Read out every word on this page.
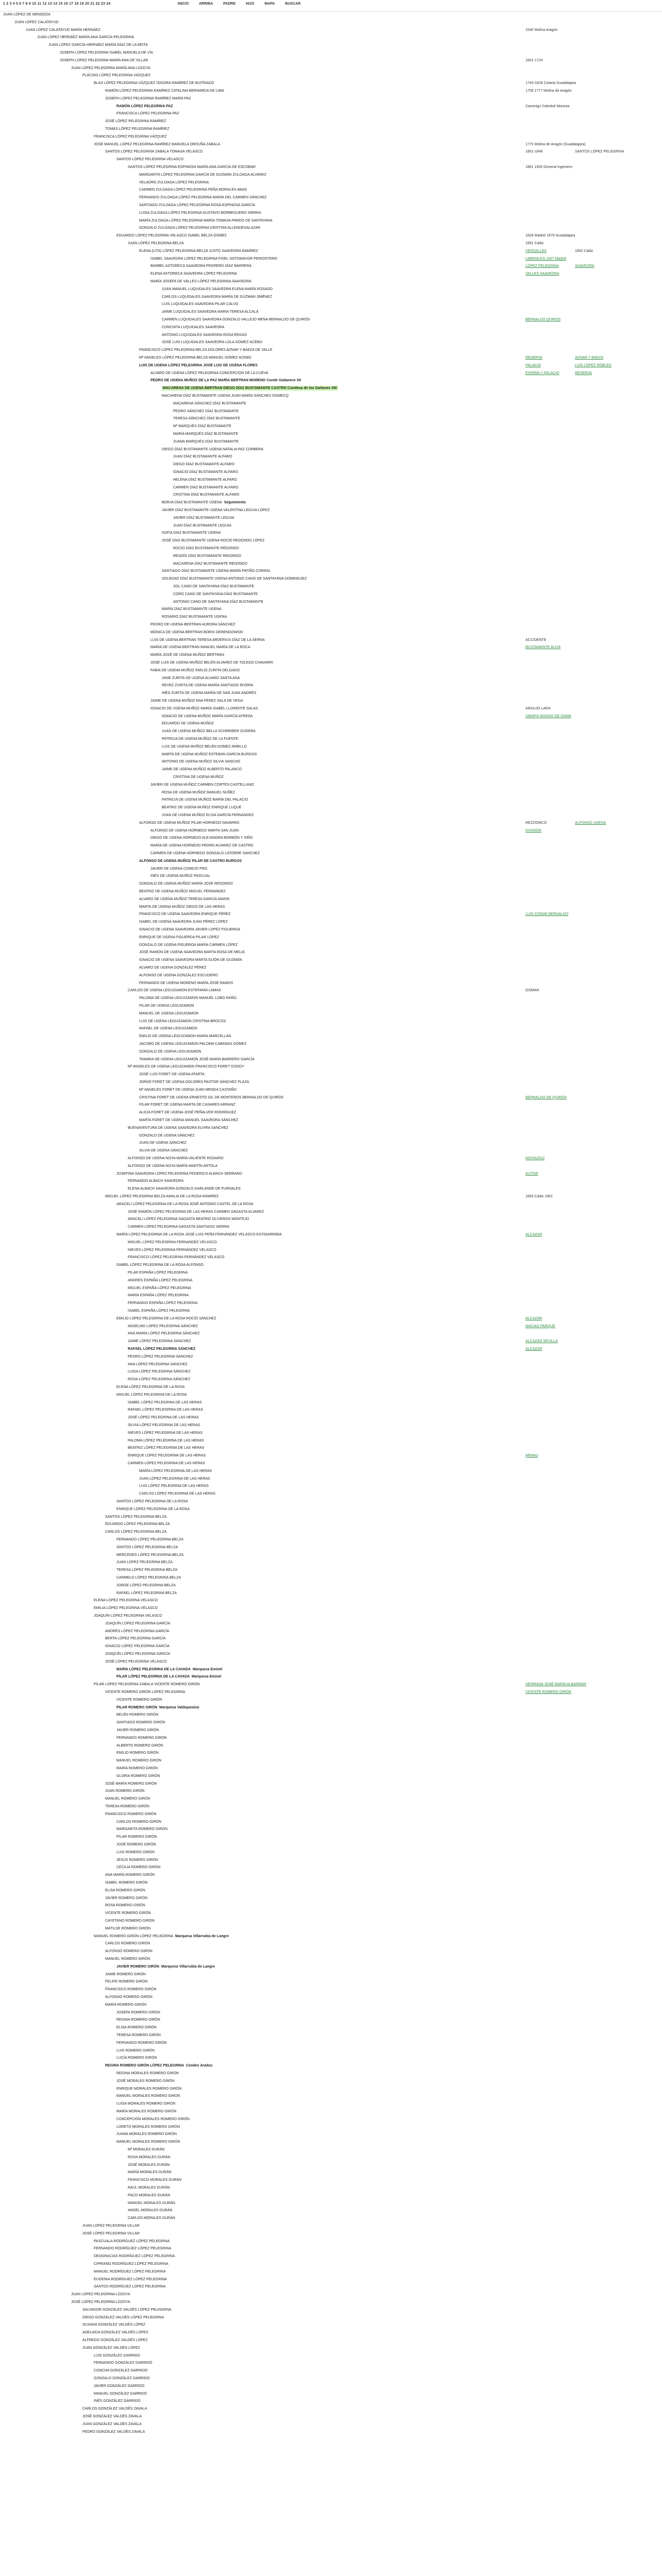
1 2 3 4 5 6 7 8 9 10 11 12 13 14 15 16 17 18 19 20 21 22 23 24	INICIO	ARRIBA	PADRE	HIJO	MAPA	BUSCAR
JUAN LÓPEZ DE MENDOZA
JUAN LÓPEZ CALATAYUD
JUAN LÓPEZ CALATAYUD MARÍA HERNÁEZ	1540 Molina Aragón
JUAN LÓPEZ HERNÁEZ MARÍA ANA GARCÍA PELEGRINA
JUAN LÓPEZ GARCÍA-HERNÁEZ MARÍA DÍAZ DE LA MOTA
JOSEPH LÓPEZ PELEGRINA ISABEL MANUELA DE VÍA
JOSEPH LÓPEZ PELEGRINA MARÍA ANA DE VILLAR	1601-1724
JUAN LÓPEZ PELEGRINA MARÍA ANA LOZOYA
PLÁCIDO LÓPEZ PELEGRINA VÁZQUEZ
BLAS LÓPEZ PELEGRINA VÁZQUEZ ISIDORA RAMÍREZ DE BUITRAGO	1744-1828 Cetaria Guadalajara
RAMÓN LÓPEZ PELEGRINA RAMÍREZ CATALINA BERNARDA DE LIMA	1709 1777 Molina de Aragón
JOSEPH LÓPEZ PELEGRINA RAMÍREZ MARÍA PAZ
RAMÓN LÓPEZ PELEGRINA PAZ	Canonigo Catedral Moravia
FRANCISCA LÓPEZ PELEGRINA PAZ
JOSÉ LÓPEZ PELEGRINA RAMÍREZ
TOMÁS LÓPEZ PELEGRINA RAMÍREZ
FRANCISCA LÓPEZ PELEGRINA VÁZQUEZ
JOSÉ MANUEL LÓPEZ PELEGRINA RAMÍREZ MANUELA ORDUÑA ZABALA	1770 Molina de Aragón (Guadalajara)
SANTOS LÓPEZ PELEGRINA ZABALA TOMASA VELASCO	1801-1846	SANTOS LÓPEZ PELEGRINA
SANTOS LÓPEZ PELEGRINA VELASCO
SANTOS LÓPEZ PELEGRINA ESPINOSA MARÍA ANA GARCÍA DE ESCOBAR	1861 1935 General Ingeniero
MARGARITA LÓPEZ PELEGRINA GARCÍA DE GUZMÁN ZULOAGA ALVAREZ
VELADRO ZULOAGA LÓPEZ PELEGRINA
CARMEN ZULOAGA LÓPEZ PELEGRINA PEÑA MORALES ABAD
FERNANDO ZULOAGA LÓPEZ PELEGRINA MARÍA DEL CARMEN SÁNCHEZ
SANTIAGO ZULOAGA LÓPEZ PELEGRINA ROSA ESPINOSA GARCÍA
LUISA ZULOAGA LÓPEZ PELEGRINA GUSTAVO BORBEGUERO SIERRA
MARÍA ZULOAGA LÓPEZ PELEGRINA MARÍA TOMASA PARDO DE SANTAYANA
GONZALO ZULOAGA LÓPEZ PELEGRINA CRISTINA ALLENDESALAZAR
EDUARDO LÓPEZ PELEGRINA VELASCO ISABEL BELZA GÓMEZ	1828 Madrid 1879 Guadalajara
JUAN LÓPEZ PELEGRINA BELZA	1891 Cádiz
ELENA (LITA) LÓPEZ PELEGRINA BELZA JUSTO SAAVEDRA RAMÍREZ	VERSALLES	1902 Cádiz
ISABEL SAAVEDRA LÓPEZ PELEGRINA FIDEL SOTOMAYOR PERIOSTERO	LIBERALES 1927 Madrid
BARBEL ASTORECA SAAVEDRA PEDRERO DÍAZ BARRERA	LÓPEZ PELEGRINA	SAAVEDRA
ELENA ASTORECA SAAVEDRA LÓPEZ PELEGRINA	VALLES SAAVEDRA
MARÍA JOSEFA DE VALLES LÓPEZ PELEGRINA SAAVEDRA
JUAN MANUEL LUQUIDALES SAAVEDRA ELENA MARÍA ROSADO
CARLOS LUQUIDALES SAAVEDRA MARÍA DE GÚZMAN JIMÉNEZ
LUIS LUQUIDALES SAAVEDRA PILAR CALVO
JAIME LUQUIDALES SAAVEDRA MARÍA TERESA ALCALÁ
CARMEN LUQUIDALES SAAVEDRA GONZALO VALLEJO MENA BERNALDO DE QUIRÓS	BERNALDO QUIRÓS
CONCHITA LUQUIDALES SAAVEDRA
ANTONIO LUQUIDALES SAAVEDRA ROSA REGAS
JOSÉ LUIS LUQUIDALES SAAVEDRA LOLA GÓMEZ-ACEBO
FRANCISCO LÓPEZ PELEGRINA BELZA DOLORES AZNAR Y BAEZA DE VALLE
Mª ANGELES LÓPEZ PELEGRINA BELZA MANUEL GÓMEZ ACEBO	RESERVA	AZNAR Y BAEZA
LUIS DE UGENA LÓPEZ PELEGRINA JOSÉ LUIS DE UGENA FLORES	PALACIO	LUIS LÓPEZ ROBLES
ALVARO DE UGENA LÓPEZ PELEGRINA CONCEPCIÓN DE LA CUEVA	ESPAÑA Y PALACIO	RESERVA
PEDRO DE UGENA MUÑOZ DE LA PAZ MARÍA BERTRAN MORENO Conde Gaitanero XII
MACARENA DE UGENA BERTRAN DIEGO DÍAZ BUSTAMANTE CASTRO Condesa de los Gaitanes XIII
MACARENA DÍAZ BUSTAMANTE UGENA JUAN MARÍA SÁNCHEZ-DOMECQ
MACARENA SÁNCHEZ DÍAZ BUSTAMANTE
PEDRO SÁNCHEZ DÍAZ BUSTAMANTE
TERESA SÁNCHEZ DÍAZ BUSTAMANTE
Mª MARQUÉS DÍAZ BUSTAMANTE
MARÍA MARQUÉS DÍAZ BUSTAMANTE
JUANA MARQUÉS DÍAZ BUSTAMANTE
DIEGO DÍAZ BUSTAMANTE UGENA NATALIA PAZ CORBERA
JUAN DÍAZ BUSTAMANTE ALFARO
DIEGO DÍAZ BUSTAMANTE ALFARO
IGNACIO DÍAZ BUSTAMANTE ALFARO
HELENA DÍAZ BUSTAMANTE ALFARO
CARMEN DÍAZ BUSTAMANTE ALFARO
CRISTINA DÍAZ BUSTAMANTE ALFARO
BORJA DÍAZ BUSTAMANTE UGENA Seguimiento
JAVIER DÍAZ BUSTAMANTE UGENA VALENTINA LEGUIA LÓPEZ
JAVIER DÍAZ BUSTAMANTE LEGUIA
JUAN DÍAZ BUSTAMANTE LEGUIA
SOFIA DÍAZ BUSTAMANTE UGENA
JOSÉ DÍAZ BUSTAMANTE UGENA ROCÍO REDONDO LÓPEZ
ROCÍO DÍAZ BUSTAMANTE REDONDO
REGOÍS DÍAZ BUSTAMANTE REDONDO
MACARENA DÍAZ BUSTAMANTE REDONDO
SANTIAGO DÍAZ BUSTAMANTE UGENA MARÍA PATIÑO CORRAL
SOLEDAD DÍAZ BUSTAMANTE UGENA ANTONIO CANO DE SANTAYANA DOMINGUEZ
SOL CANO DE SANTAYANA DÍAZ BUSTAMANTE
CORO CANO DE SANTAYANA DÍAZ BUSTAMANTE
ANTONIO CANO DE SANTAYANA DÍAZ BUSTAMANTE
MARÍA DÍAZ BUSTAMANTE UGENA
ROSARIO DÍAZ BUSTAMANTE UGENA
PEDRO DE UGENA BERTRAN AURORA SÁNCHEZ
MÓNICA DE UGENA BERTRAN BORIS DERENGOWSKI
LUIS DE UGENA BERTRAN TERESA ARDERIUS DÍAZ DE LA SERNA	ACCIDENTE
MARÍA DE UGENA BERTRAN MANUEL MARÍA DE LA ROCA	BUSTAMANTE ALVIA
MARÍA JOSÉ DE UGENA MUÑOZ BERTRAN
JOSÉ LUIS DE UGENA MUÑOZ BELÉN ALVAREZ DE TOLEDO CHAVARRI
FABIA DE UGENA MUÑOZ EMILIO ZURITA DELGADO
JANE ZURITA DE UGENA ALVARO SANTA ANA
REVEZ ZURITA DE UGENA MARÍA SANTIAGO RIVERA
INÉS ZURITA DE UGENA MARÍA DE SAN JUAN ANDRÉS
JAIME DE UGENA MUÑOZ ANA PEREZ SALA DE VEGA
IGNACIO DE UGENA MUÑOZ MARÍA ISABEL LLORENTE SALAS	ARAUJO LARA
IGNACIO DE UGENA MUÑOZ MARÍA GARCÍA ATRESA	OBISPO BURGO DE OSMA
EDUARDO DE UGENA MUÑOZ
JUAN DE UGENA MUÑOZ BELLA SCHREIBER GUERRA
PATRICIA DE UGENA MUÑOZ DE LA FUENTE
LUIS DE UGENA MUÑOZ BELÉN GOMEZ ARBILLO
MARTA DE UGENA MUÑOZ ESTEBAN GARCÍA BURGOS
ANTONIO DE UGENA MUÑOZ SILVIA SANCHO
JAIME DE UGENA MUÑOZ ALBERTO PALANCO
CRISTINA DE UGENA MUÑOZ
JAVIER DE UGENA MUÑOZ CARMEN CORTÉS CASTELLANO
ROSA DE UGENA MUÑOZ MANUEL NUÑEZ
PATRICIA DE UGENA MUÑOZ MARÍA DEL PALACIO
BEATRIZ DE UGENA MUÑOZ ENRIQUE LUQUE
JUAN DE UGENA MUÑOZ ELISA GARCÍA FERNANDEZ
ALFONSO DE UGENA MUÑOZ PILAR HORNEDO NAVARRO	REZZONICO	ALFONSO UGENA
ALFONSO DE UGENA HORNEDO MARTA SAN JUAN	DIVISIÓN
DIEGO DE UGENA HORNEDO ALEJANDRA BORBÓN Y SIÑO
MARÍA DE UGENA HORNEDO PEDRO ALVAREZ DE CASTRO
CARMEN DE UGENA HORNEDO GONZALO LATORRE SANCHEZ
ALFONSO DE UGENA MUÑOZ PILAR DE CASTRO BURGOS
JAVIER DE UGENA CONEJO PRO
INÉS DE UGENA MUÑOZ PASCUAL
GONZALO DE UGENA MUÑOZ MARÍA JOSÉ REDONDO
BEATRIZ DE UGENA MUÑOZ MIGUEL FERNANDEZ
ALVARO DE UGENA MUÑOZ TERESA GARCÍA MARIN
MARTA DE UGENA MUÑOZ DIEGO DE LAS HERAS
FRANCISCO DE UGENA SAAVEDRA ENRIQUE PÉREZ	LUIS CONDE BERNALDO
ISABEL DE UGENA SAAVEDRA JUAN PÉREZ LÓPEZ
IGNACIO DE UGENA SAAVEDRA JAVIER LOPEZ FIGUEROA
ENRIQUE DE UGENA FIGUEROA PILAR LÓPEZ
GONZALO DE UGENA FIGUEROA MARÍA CARMEN LÓPEZ
JOSÉ RAMÓN DE UGENA SAAVEDRA MARTA ROSA DE MELIÁ
IGNACIO DE UGENA SAAVEDRA MARTA GIJÓN DE GUZMÁN
ALVARO DE UGENA GONZÁLEZ PÉREZ
ALFONSO DE UGENA GONZÁLEZ ESCUDERO
FERNANDO DE UGENA MORENO MARÍA JOSÉ RAMOS
CARLOS DE UGENA LEGUIZAMON ESTEFANÍA LAMAS	GOMAR
PALOMA DE UGENA LEGUIZAMON MANUEL LOBO RAÑO
PILAR DE UGENA LEGUIZAMON
MANUEL DE UGENA LEGUIZAMON
LUIS DE UGENA LEGUIZAMON CRISTINA BROCOS
RAFAEL DE UGENA LEGUIZAMON
EMILIO DE UGENA LEGUIZAMON MARÍA MARCELLÁN
JACOBO DE UGENA LEGUIZAMON PALOMA CABANAS GÓMEZ
GONZALO DE UGENA LEGUIZAMON
TAMARA DE UGENA LEGUIZAMON JOSÉ MARÍA BARRERO GARCÍA
Mª ANGELES DE UGENA LEGUIZAMON FRANCISCO FORET GODOY
JOSÉ LUIS FORET DE UGENA ATARTA
JORGE FORET DE UGENA DOLORES PASTOR SÁNCHEZ PLAZA
Mª ANGELES FORET DE UGENA JUAN MENDA CASTAÑO
CRISTINA FORET DE UGENA ERNESTO GIL DE MONTEROS BERNALDO DE QUIRÓS	BERNALDO DE QUIRÓS
PILAR FORET DE UGENA MARTA DE CASARES ARRANZ
ALICIA FORET DE UGENA JOSÉ PEÑALVER RODRÍGUEZ
MARTA FORET DE UGENA MANUEL SAAVEDRA SÁNCHEZ
BUENAVENTURA DE UGENA SAAVEDRA ELVIRA SANCHEZ
GONZALO DE UGENA SÁNCHEZ
JUAN DE UGENA SÁNCHEZ
SILVIA DE UGENA SÁNCHEZ
ALFONSO DE UGENA NOYA MARÍA VALIENTE ROSARIO	NOVIAZGO
ALFONSO DE UGENA NOYA MARÍA MARTÍN ARTOLA
JOSEFINA SAAVEDRA LÓPEZ PELEGRINA FEDERICO ALBACH SERRANO	AUTOR
FERNANDO ALBACH SAAVEDRA
ELENA ALBACH SAAVEDRA GONZALO GARLANDE DE FURNALES
MIGUEL LÓPEZ PELEGRINA BELZA AMALIA DE LA ROSA RAMÍREZ	1893 Cádiz 1951
ARACELI LÓPEZ PELEGRINA DE LA ROSA JOSÉ ANTONIO CASTEL DE LA ROSA
JOSÉ RAMÓN LÓPEZ PELEGRINA DE LAS HERAS CARMEN SAGASTA ALVAREZ
ARACELI LÓPEZ PELEGRINA SAGASTA BEATRIZ OLIVEROS MONTEJO
CARMEN LÓPEZ PELEGRINA SAGASTA SANTIAGO SIERRA
MARÍA LÓPEZ PELEGRINA DE LA ROSA JOSÉ LUIS PEÑA FERNÁNDEZ VELASCO-ESTIGARRIBIA	ALCAZAR
MIGUEL LÓPEZ PELEGRINA FERNANDEZ VELASCO
NIEVES LÓPEZ PELEGRINA FERNÁNDEZ VELASCO
FRANCISCO LÓPEZ PELEGRINA FERNÁNDEZ VELASCO
ISABEL LÓPEZ PELEGRINA DE LA ROSA ALFONSO
PILAR ESPAÑA LÓPEZ PELEGRINA
ANDRÉS ESPAÑA LÓPEZ PELEGRINA
MIGUEL ESPAÑA LÓPEZ PELEGRINA
MARÍA ESPAÑA LÓPEZ PELEGRINA
FERNANDO ESPAÑA LÓPEZ PELEGRINA
ISABEL ESPAÑA LÓPEZ PELEGRINA
EMILIO LÓPEZ PELEGRINA DE LA ROSA ROCÍO SÁNCHEZ	ALCAZAR
ANSELMO LÓPEZ PELEGRINA SÁNCHEZ	MACIAS PARQUE
ANA MARÍA LÓPEZ PELEGRINA SÁNCHEZ
JAIME LÓPEZ PELEGRINA SÁNCHEZ	ALCAZAR SEVILLA
RAFAEL LÓPEZ PELEGRINA SÁNCHEZ	ALCAZAR
PEDRO LÓPEZ PELEGRINA SÁNCHEZ
ANA LÓPEZ PELEGRINA SÁNCHEZ
LUISA LÓPEZ PELEGRINA SÁNCHEZ
ROSA LÓPEZ PELEGRINA SÁNCHEZ
ELENA LÓPEZ PELEGRINA DE LA ROSA
MIGUEL LÓPEZ PELEGRINA DE LA ROSA
ISABEL LÓPEZ PELEGRINA DE LAS HERAS
RAFAEL LÓPEZ PELEGRINA DE LAS HERAS
JOSÉ LÓPEZ PELEGRINA DE LAS HERAS
SILVIA LÓPEZ PELEGRINA DE LAS HERAS
NIEVES LÓPEZ PELEGRINA DE LAS HERAS
PALOMA LÓPEZ PELEGRINA DE LAS HERAS
BEATRIZ LÓPEZ PELEGRINA DE LAS HERAS
ENRIQUE LÓPEZ PELEGRINA DE LAS HERAS	ARNAU
CARMEN LÓPEZ PELEGRINA DE LAS HERAS
MARÍA LÓPEZ PELEGRINA DE LAS HERAS
JUAN LÓPEZ PELEGRINA DE LAS HERAS
LUIS LÓPEZ PELEGRINA DE LAS HERAS
CARLOS LÓPEZ PELEGRINA DE LAS HERAS
SANTOS LÓPEZ PELEGRINA DE LA ROSA
ENRIQUE LÓPEZ PELEGRINA DE LA ROSA
SANTOS LÓPEZ PELEGRINA BELZA
EDUARDO LÓPEZ PELEGRINA BELZA
CARLOS LÓPEZ PELEGRINA BELZA
FERNANDO LÓPEZ PELEGRINA BELZA
SANTOS LÓPEZ PELEGRINA BELZA
MERCEDES LÓPEZ PELEGRINA BELZA
JUAN LÓPEZ PELEGRINA BELZA
TERESA LÓPEZ PELEGRINA BELZA
CARMELO LÓPEZ PELEGRINA BELZA
JORGE LÓPEZ PELEGRINA BELZA
RAFAEL LÓPEZ PELEGRINA BELZA
ELENA LÓPEZ PELEGRINA VELASCO
EMILIA LÓPEZ PELEGRINA VELASCO
JOAQUÍN LÓPEZ PELEGRINA VELASCO
JOAQUÍN LÓPEZ PELEGRINA GARCÍA
ANDRÉS LÓPEZ PELEGRINA GARCÍA
BERTA LÓPEZ PELEGRINA GARCÍA
IGNACIO LÓPEZ PELEGRINA GARCÍA
JOAQUÍN LÓPEZ PELEGRINA GARCÍA
JOSÉ LÓPEZ PELEGRINA VELASCO
MARÍA LÓPEZ PELEGRINA DE LA CAVADA Marquesa Eminel
PILAR LÓPEZ PELEGRINA DE LA CAVADA Marquesa Eminel
PILAR LÓPEZ PELEGRINA ZABALA VICENTE ROMERO GIRÓN	HERMANA JOSÉ MARÍA ALBARRÁN
VICENTE ROMERO GIRÓN LÓPEZ PELEGRINA	VICENTE ROMERO GIRÓN
VICENTE ROMERO GIRÓN
PILAR ROMERO GIRÓN Marquesa Valdeparaíso
BELÉN ROMERO GIRÓN
SANTIAGO ROMERO GIRÓN
JAVIER ROMERO GIRÓN
FERNANDO ROMERO GIRÓN
ALBERTO ROMERO GIRÓN
EMILIO ROMERO GIRÓN
MANUEL ROMERO GIRÓN
MARÍA ROMERO GIRÓN
GLORIA ROMERO GIRÓN
JOSÉ MARÍA ROMERO GIRÓN
JUAN ROMERO GIRÓN
MANUEL ROMERO GIRÓN
TERESA ROMERO GIRÓN
FRANCISCO ROMERO GIRÓN
CARLOS ROMERO GIRÓN
MARGARITA ROMERO GIRÓN
PILAR ROMERO GIRÓN
JOSÉ ROMERO GIRÓN
LUIS ROMERO GIRÓN
JESÚS ROMERO GIRÓN
CECILIA ROMERO GIRÓN
ANA MARÍA ROMERO GIRÓN
ISABEL ROMERO GIRÓN
ELISA ROMERO GIRÓN
JAVIER ROMERO GIRÓN
ROSA ROMERO GIRÓN
VICENTE ROMERO GIRÓN
CAYETANO ROMERO GIRÓN
MATILDE ROMERO GIRÓN
MANUEL ROMERO GIRÓN LÓPEZ PELEGRINA Marquesa Villarrubia de Langre
CARLOS ROMERO GIRÓN
ALFONSO ROMERO GIRÓN
MANUEL ROMERO GIRÓN
JAVIER ROMERO GIRÓN Marquesa Villarrubia de Langre
JAIME ROMERO GIRÓN
FELIPE ROMERO GIRÓN
FRANCISCO ROMERO GIRÓN
ALFONSO ROMERO GIRÓN
MARÍA ROMERO GIRÓN
JOSEFA ROMERO GIRÓN
REGINA ROMERO GIRÓN
ELISA ROMERO GIRÓN
TERESA ROMERO GIRÓN
FERNANDO ROMERO GIRÓN
LUIS ROMERO GIRÓN
LUCÍA ROMERO GIRÓN
REGINA ROMERO GIRÓN LÓPEZ PELEGRINA Condes Aradus
REGINA MORALES ROMERO GIRÓN
JOSÉ MORALES ROMERO GIRÓN
ENRIQUE MORALES ROMERO GIRÓN
MANUEL MORALES ROMERO GIRÓN
LUISA MORALES ROMERO GIRÓN
MARÍA MORALES ROMERO GIRÓN
CONCEPCIÓN MORALES ROMERO GIRÓN
LORETO MORALES ROMERO GIRÓN
JUANA MORALES ROMERO GIRÓN
MANUEL MORALES ROMERO GIRÓN
Mª MORALES DURÁN
ROSA MORALES DURÁN
JOSÉ MORALES DURÁN
MARÍA MORALES DURÁN
FRANCISCO MORALES DURÁN
RAÚL MORALES DURÁN
PACO MORALES DURÁN
MANUEL MORALES DURÁN
ANGEL MORALES DURÁN
CARLOS MORALES DURÁN
JUAN LÓPEZ PELEGRINA VILLAR
JOSÉ LÓPEZ PELEGRINA VILLAR
PASCUALA RODRÍGUEZ LÓPEZ PELEGRINA
FERNANDO RODRÍGUEZ LÓPEZ PELEGRINA
DEOGRACIAS RODRÍGUEZ LÓPEZ PELEGRINA
CIPRIANO RODRÍGUEZ LÓPEZ PELEGRINA
MANUEL RODRÍGUEZ LÓPEZ PELEGRINA
EUGENIA RODRÍGUEZ LÓPEZ PELEGRINA
SANTOS RODRÍGUEZ LÓPEZ PELEGRINA
JUAN LÓPEZ PELEGRINA LOZOYA
JOSÉ LÓPEZ PELEGRINA LOZOYA
SALVADOR GONZÁLEZ VALDÉS LÓPEZ PELEGRINA
DIEGO GONZÁLEZ VALDÉS LÓPEZ PELEGRINA
SUSANA GONZÁLEZ VALDÉS LÓPEZ
ADELAIDA GONZÁLEZ VALDÉS LÓPEZ
ALFREDO GONZÁLEZ VALDÉS LÓPEZ
JUAN GONZÁLEZ VALDÉS LÓPEZ
LUIS GONZÁLEZ GARRIDO
FERNANDO GONZÁLEZ GARRIDO
CONCHA GONZÁLEZ GARRIDO
GONZALO GONZÁLEZ GARRIDO
JAVIER GONZÁLEZ GARRIDO
MANUEL GONZÁLEZ GARRIDO
INÉS GONZÁLEZ GARRIDO
CARLOS GONZÁLEZ VALDÉS ZAVALA
JOSÉ GONZÁLEZ VALDÉS ZAVALA
JUAN GONZÁLEZ VALDÉS ZAVALA
PEDRO GONZÁLEZ VALDÉS ZAVALA
